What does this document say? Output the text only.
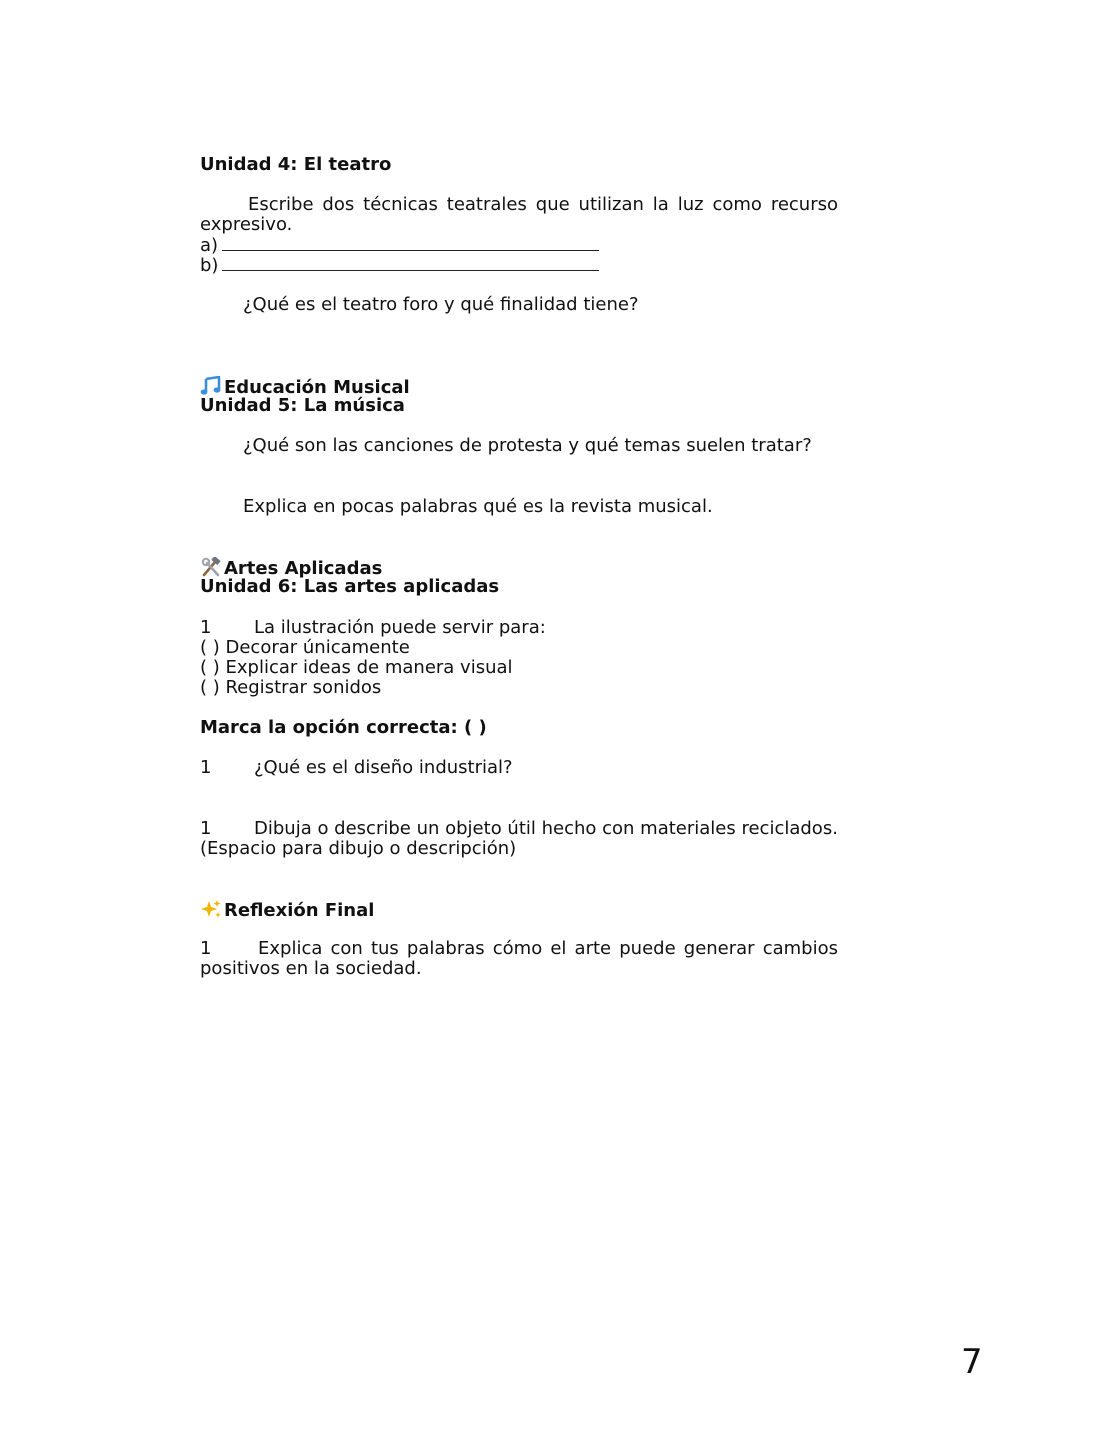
Unidad 4: El teatro
Escribe dos técnicas teatrales que utilizan la luz como recurso
expresivo.
a)
b)
¿Qué es el teatro foro y qué finalidad tiene?
Educación Musical
Unidad 5: La música
¿Qué son las canciones de protesta y qué temas suelen tratar?
Explica en pocas palabras qué es la revista musical.
Artes Aplicadas
Unidad 6: Las artes aplicadas
1 La ilustración puede servir para:
( ) Decorar únicamente
( ) Explicar ideas de manera visual
( ) Registrar sonidos
Marca la opción correcta: ( )
1 ¿Qué es el diseño industrial?
1 Dibuja o describe un objeto útil hecho con materiales reciclados.
(Espacio para dibujo o descripción)
Reflexión Final
1	Explica con tus palabras cómo el arte puede generar cambios
positivos en la sociedad.
7
